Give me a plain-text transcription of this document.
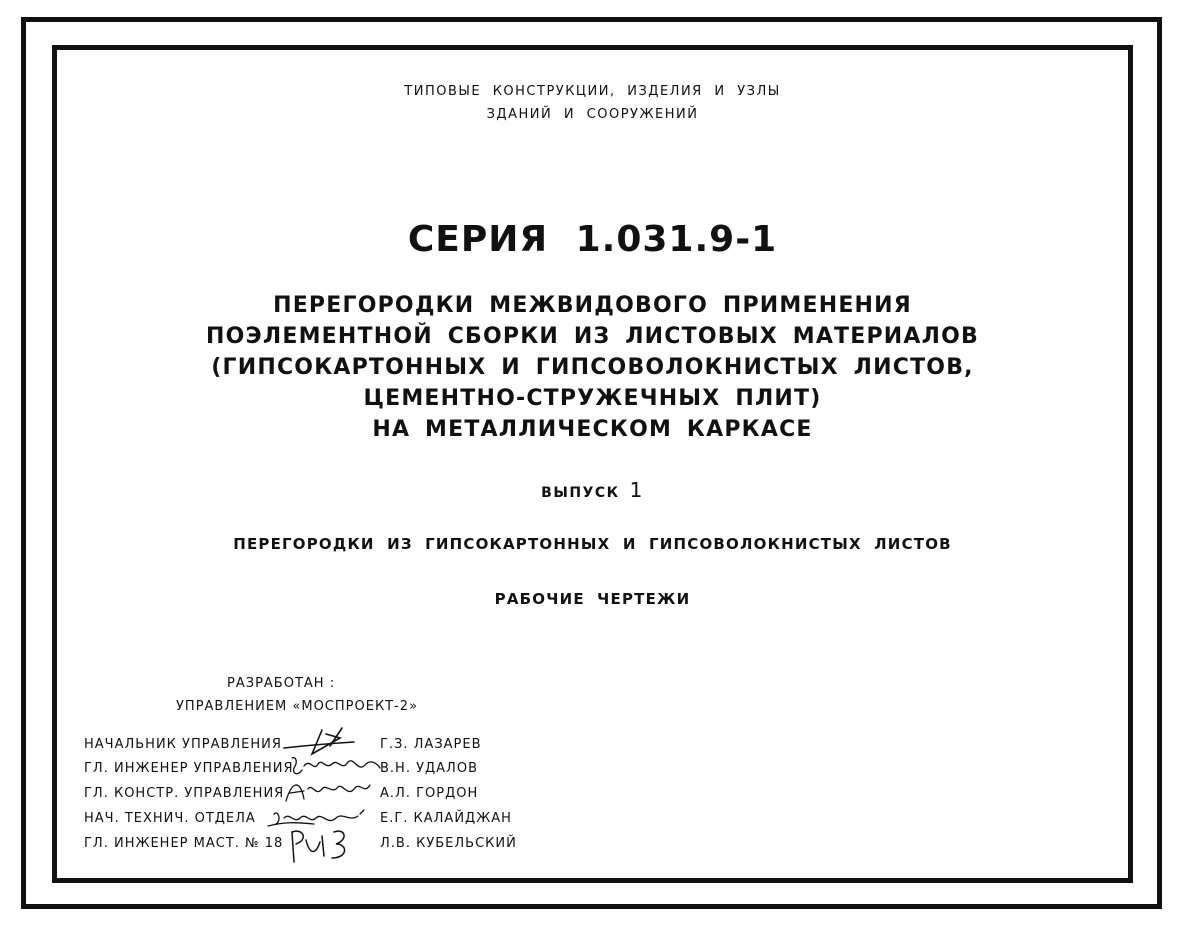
ТИПОВЫЕ КОНСТРУКЦИИ, ИЗДЕЛИЯ И УЗЛЫ
ЗДАНИЙ И СООРУЖЕНИЙ
СЕРИЯ 1.031.9-1
ПЕРЕГОРОДКИ МЕЖВИДОВОГО ПРИМЕНЕНИЯ
ПОЭЛЕМЕНТНОЙ СБОРКИ ИЗ ЛИСТОВЫХ МАТЕРИАЛОВ
(ГИПСОКАРТОННЫХ И ГИПСОВОЛОКНИСТЫХ ЛИСТОВ,
ЦЕМЕНТНО-СТРУЖЕЧНЫХ ПЛИТ)
НА МЕТАЛЛИЧЕСКОМ КАРКАСЕ
ВЫПУСК 1
ПЕРЕГОРОДКИ ИЗ ГИПСОКАРТОННЫХ И ГИПСОВОЛОКНИСТЫХ ЛИСТОВ
РАБОЧИЕ ЧЕРТЕЖИ
РАЗРАБОТАН :
УПРАВЛЕНИЕМ «МОСПРОЕКТ-2»
НАЧАЛЬНИК УПРАВЛЕНИЯ	Г.З. ЛАЗАРЕВ
ГЛ. ИНЖЕНЕР УПРАВЛЕНИЯ	В.Н. УДАЛОВ
ГЛ. КОНСТР. УПРАВЛЕНИЯ	А.Л. ГОРДОН
НАЧ. ТЕХНИЧ. ОТДЕЛА	Е.Г. КАЛАЙДЖАН
ГЛ. ИНЖЕНЕР МАСТ. № 18	Л.В. КУБЕЛЬСКИЙ
